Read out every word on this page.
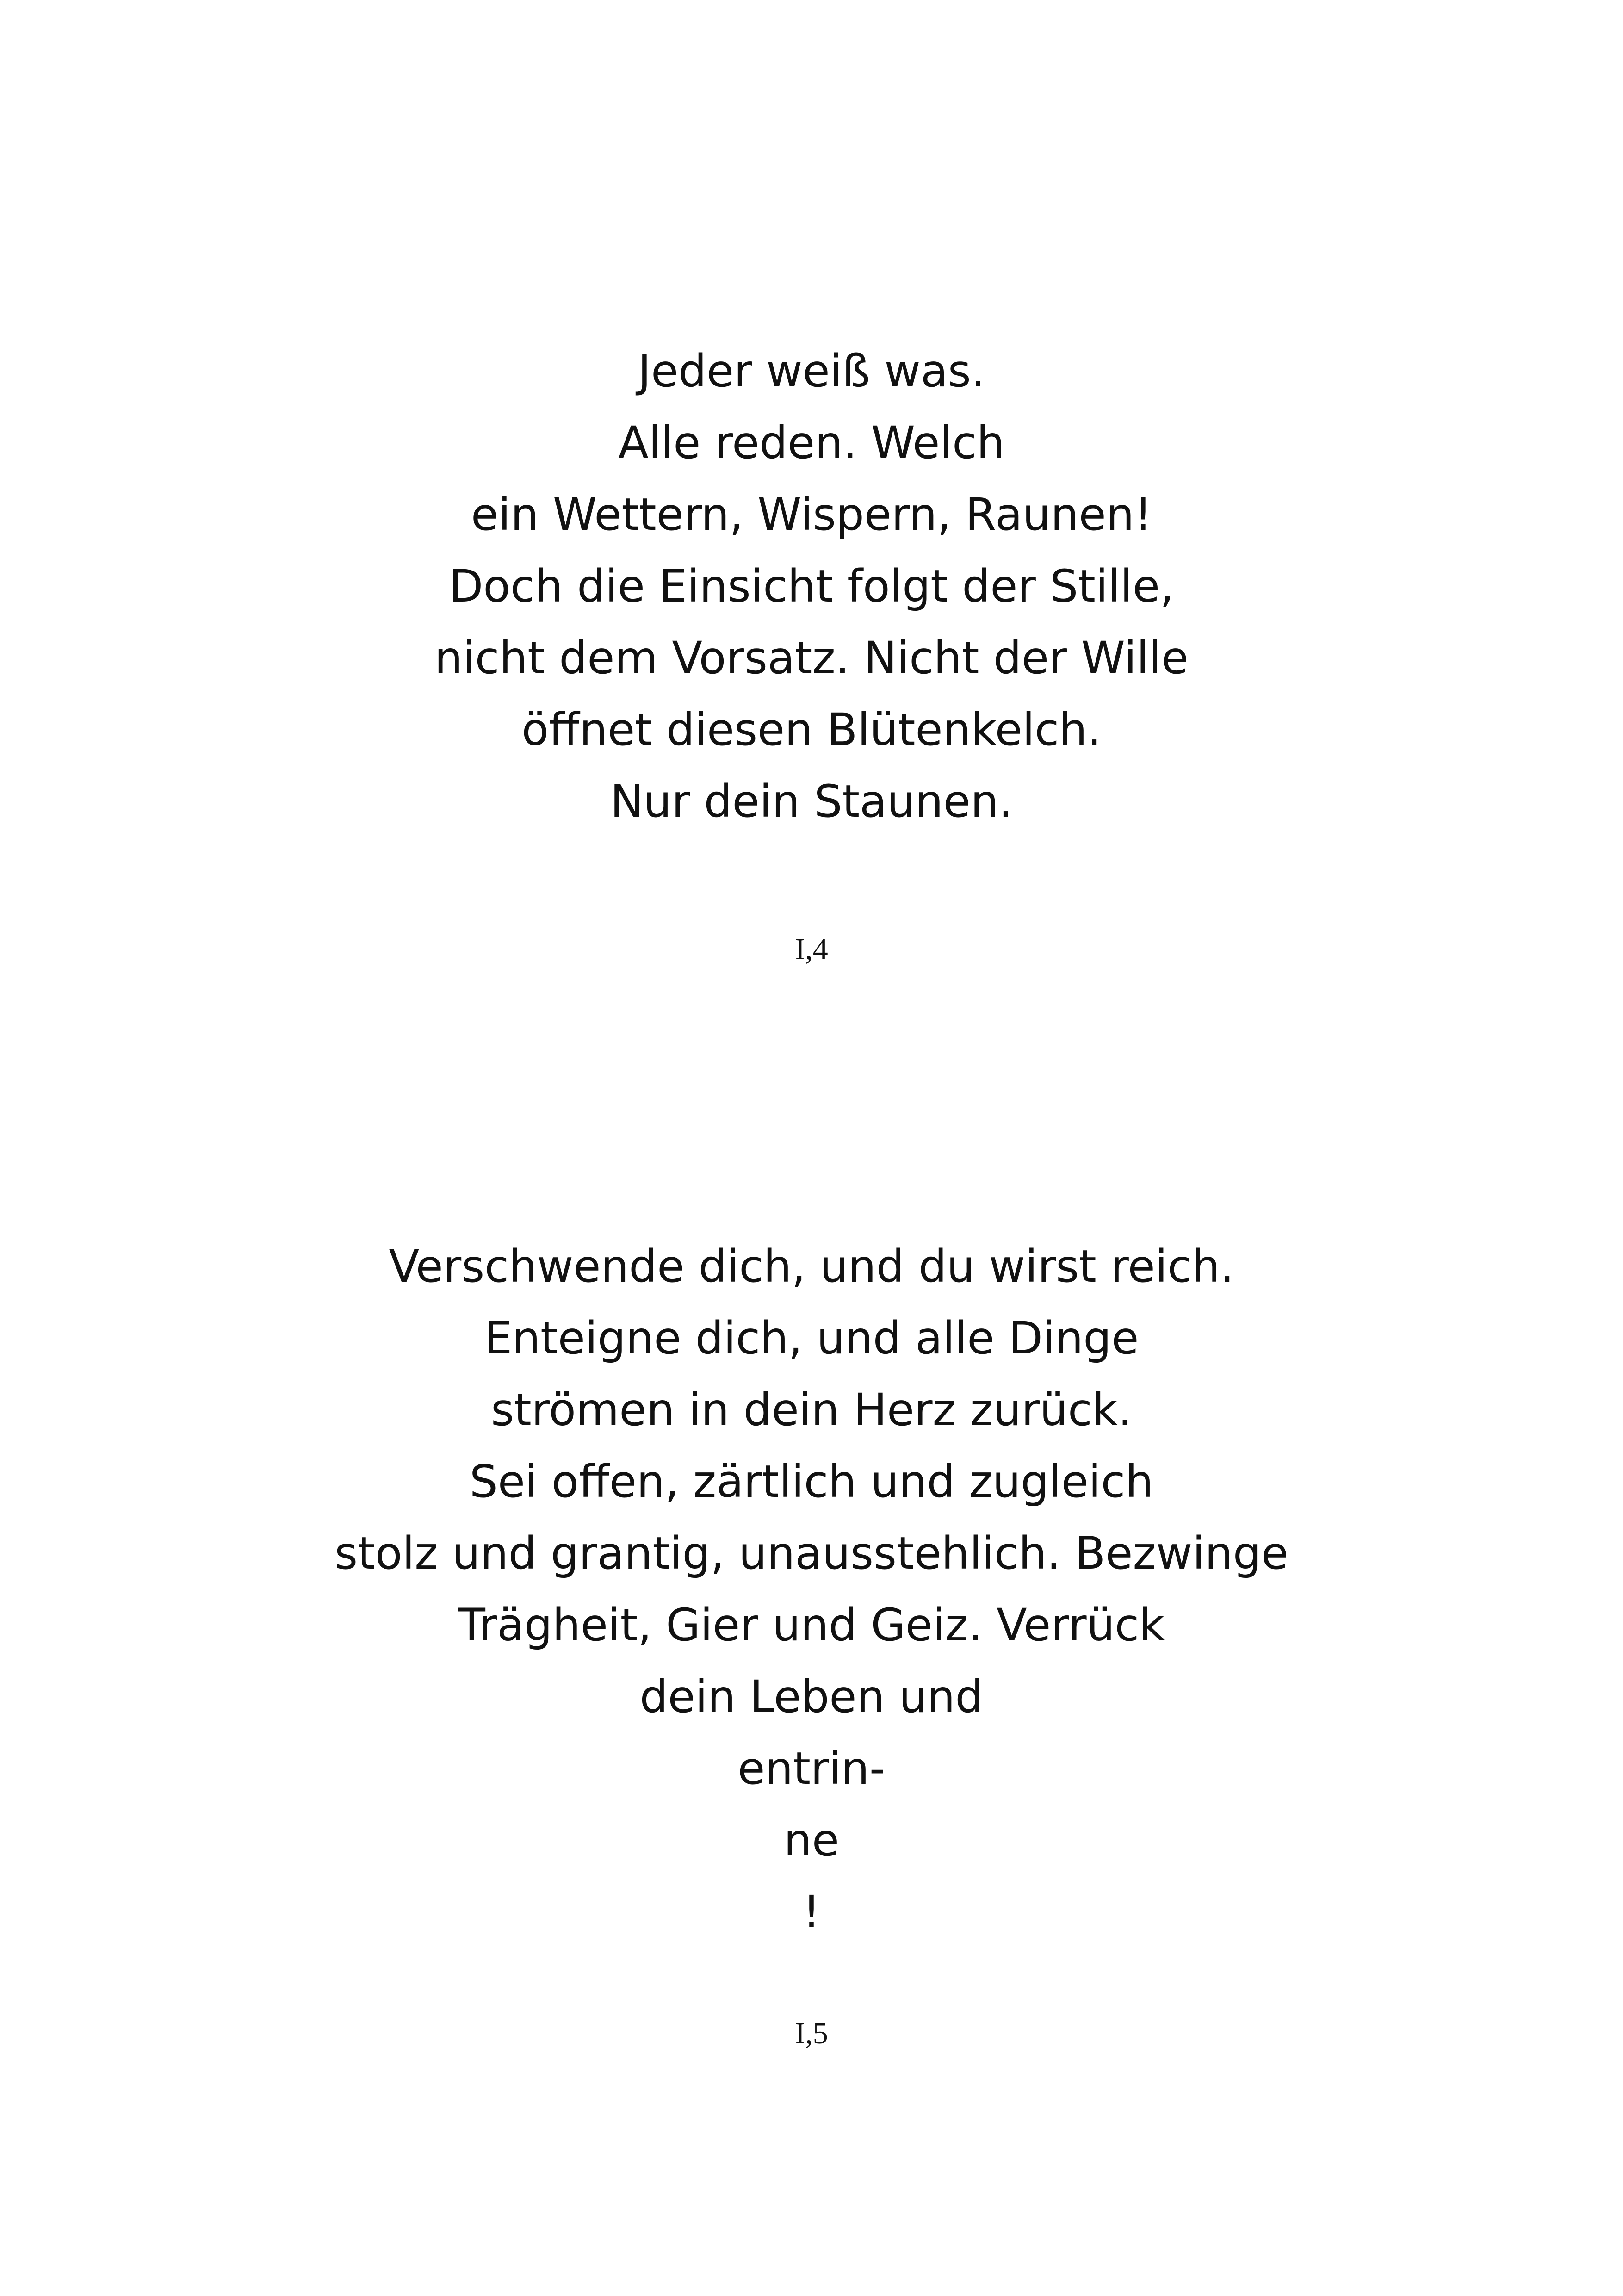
Jeder weiß was.
Alle reden. Welch
ein Wettern, Wispern, Raunen!
Doch die Einsicht folgt der Stille,
nicht dem Vorsatz. Nicht der Wille
öffnet diesen Blütenkelch.
Nur dein Staunen.
I,4
Verschwende dich, und du wirst reich.
Enteigne dich, und alle Dinge
strömen in dein Herz zurück.
Sei offen, zärtlich und zugleich
stolz und grantig, unausstehlich. Bezwinge
Trägheit, Gier und Geiz. Verrück
dein Leben und
entrin-
ne
!
I,5
